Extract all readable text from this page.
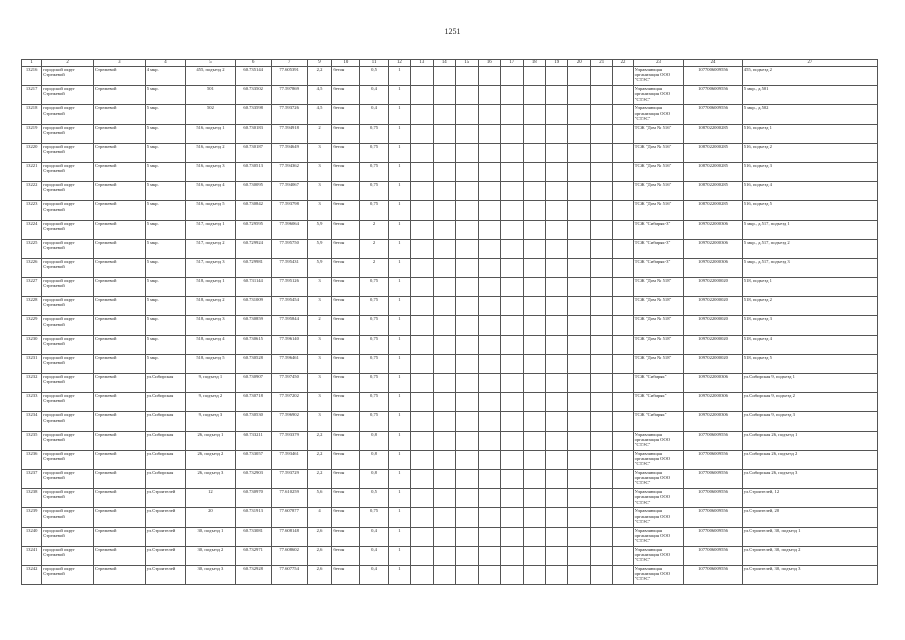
1251
1	2	3	4	5	6	7	9	10	11	12	13	14	15	16	17	18	19	20	21	22	23	24	27
13216	городской округ Стрежевой	Стрежевой	4 мкр.	455, подъезд 2	60.735144	77.605391	2,2	бетон	0,5	1											Управляющая организация ООО "СТЭС"	1077006009556	455, подъезд 2
13217	городской округ Стрежевой	Стрежевой	5 мкр.	501	60.733502	77.597869	4,5	бетон	0,4	1											Управляющая организация ООО "СТЭС"	1077006009556	5 мкр., д.501
13218	городской округ Стрежевой	Стрежевой	5 мкр.	502	60.733598	77.593726	4,5	бетон	0,4	1											Управляющая организация ООО "СТЭС"	1077006009556	5 мкр., д.502
13219	городской округ Стрежевой	Стрежевой	5 мкр.	516, подъезд 1	60.730183	77.594918	2	бетон	0,75	1											ТСЖ "Дом № 516"	1087022000285	516, подъезд 1
13220	городской округ Стрежевой	Стрежевой	5 мкр.	516, подъезд 2	60.730187	77.594649	3	бетон	0,75	1											ТСЖ "Дом № 516"	1087022000285	516, подъезд 2
13221	городской округ Стрежевой	Стрежевой	5 мкр.	516, подъезд 3	60.730513	77.594362	3	бетон	0,75	1											ТСЖ "Дом № 516"	1087022000285	516, подъезд 3
13222	городской округ Стрежевой	Стрежевой	5 мкр.	516, подъезд 4	60.730095	77.594067	3	бетон	0,75	1											ТСЖ "Дом № 516"	1087022000285	516, подъезд 4
13223	городской округ Стрежевой	Стрежевой	5 мкр.	516, подъезд 5	60.730842	77.593798	3	бетон	0,75	1											ТСЖ "Дом № 516"	1087022000285	516, подъезд 5
13224	городской округ Стрежевой	Стрежевой	5 мкр.	517, подъезд 1	60.729595	77.596064	5,9	бетон	2	1											ТСЖ "Сибиряк-3"	1097022000306	5 мкр., д.517, подъезд 1
13225	городской округ Стрежевой	Стрежевой	5 мкр.	517, подъезд 2	60.729924	77.595750	5,9	бетон	2	1											ТСЖ "Сибиряк-3"	1097022000306	5 мкр., д.517, подъезд 2
13226	городской округ Стрежевой	Стрежевой	5 мкр.	517, подъезд 3	60.729981	77.595431	5,9	бетон	2	1											ТСЖ "Сибиряк-3"	1097022000306	5 мкр., д.517, подъезд 3
13227	городской округ Стрежевой	Стрежевой	5 мкр.	518, подъезд 1	60.731144	77.595126	3	бетон	0,75	1											ТСЖ "Дом № 518"	1097022000020	518, подъезд 1
13228	городской округ Стрежевой	Стрежевой	5 мкр.	518, подъезд 2	60.731009	77.595454	3	бетон	0,75	1											ТСЖ "Дом № 518"	1097022000020	518, подъезд 2
13229	городской округ Стрежевой	Стрежевой	5 мкр.	518, подъезд 3	60.730859	77.595844	2	бетон	0,75	1											ТСЖ "Дом № 518"	1097022000020	518, подъезд 3
13230	городской округ Стрежевой	Стрежевой	5 мкр.	518, подъезд 4	60.730615	77.596140	3	бетон	0,75	1											ТСЖ "Дом № 518"	1097022000020	518, подъезд 4
13231	городской округ Стрежевой	Стрежевой	5 мкр.	518, подъезд 5	60.730528	77.596461	3	бетон	0,75	1											ТСЖ "Дом № 518"	1097022000020	518, подъезд 5
13232	городской округ Стрежевой	Стрежевой	ул.Сибирская	9, подъезд 1	60.730907	77.597450	3	бетон	0,75	1											ТСЖ "Сибиряк"	1097022000306	ул.Сибирская 9, подъезд 1
13233	городской округ Стрежевой	Стрежевой	ул.Сибирская	9, подъезд 2	60.730718	77.597202	3	бетон	0,75	1											ТСЖ "Сибиряк"	1097022000306	ул.Сибирская 9, подъезд 2
13234	городской округ Стрежевой	Стрежевой	ул.Сибирская	9, подъезд 3	60.730530	77.596902	3	бетон	0,75	1											ТСЖ "Сибиряк"	1097022000306	ул.Сибирская 9, подъезд 3
13235	городской округ Стрежевой	Стрежевой	ул.Сибирская	26, подъезд 1	60.733211	77.593379	2,2	бетон	0,8	1											Управляющая организация ООО "СТЭС"	1077006009556	ул.Сибирская 26, подъезд 1
13236	городской округ Стрежевой	Стрежевой	ул.Сибирская	26, подъезд 2	60.733057	77.593461	2,2	бетон	0,8	1											Управляющая организация ООО "СТЭС"	1077006009556	ул.Сибирская 26, подъезд 2
13237	городской округ Стрежевой	Стрежевой	ул.Сибирская	26, подъезд 3	60.732903	77.593729	2,2	бетон	0,8	1											Управляющая организация ООО "СТЭС"	1077006009556	ул.Сибирская 26, подъезд 3
13238	городской округ Стрежевой	Стрежевой	ул.Строителей	12	60.730970	77.610259	5,6	бетон	0,5	1											Управляющая организация ООО "СТЭС"	1077006009556	ул.Строителей, 12
13239	городской округ Стрежевой	Стрежевой	ул.Строителей	20	60.731913	77.607877	4	бетон	0,75	1											Управляющая организация ООО "СТЭС"	1077006009556	ул.Строителей, 20
13240	городской округ Стрежевой	Стрежевой	ул.Строителей	30, подъезд 1	60.733081	77.608148	2,6	бетон	0,4	1											Управляющая организация ООО "СТЭС"	1077006009556	ул.Строителей, 30, подъезд 1
13241	городской округ Стрежевой	Стрежевой	ул.Строителей	30, подъезд 2	60.732971	77.608602	2,6	бетон	0,4	1											Управляющая организация ООО "СТЭС"	1077006009556	ул.Строителей, 30, подъезд 2
13242	городской округ Стрежевой	Стрежевой	ул.Строителей	30, подъезд 3	60.732928	77.607754	2,6	бетон	0,4	1											Управляющая организация ООО "СТЭС"	1077006009556	ул.Строителей, 30, подъезд 3
